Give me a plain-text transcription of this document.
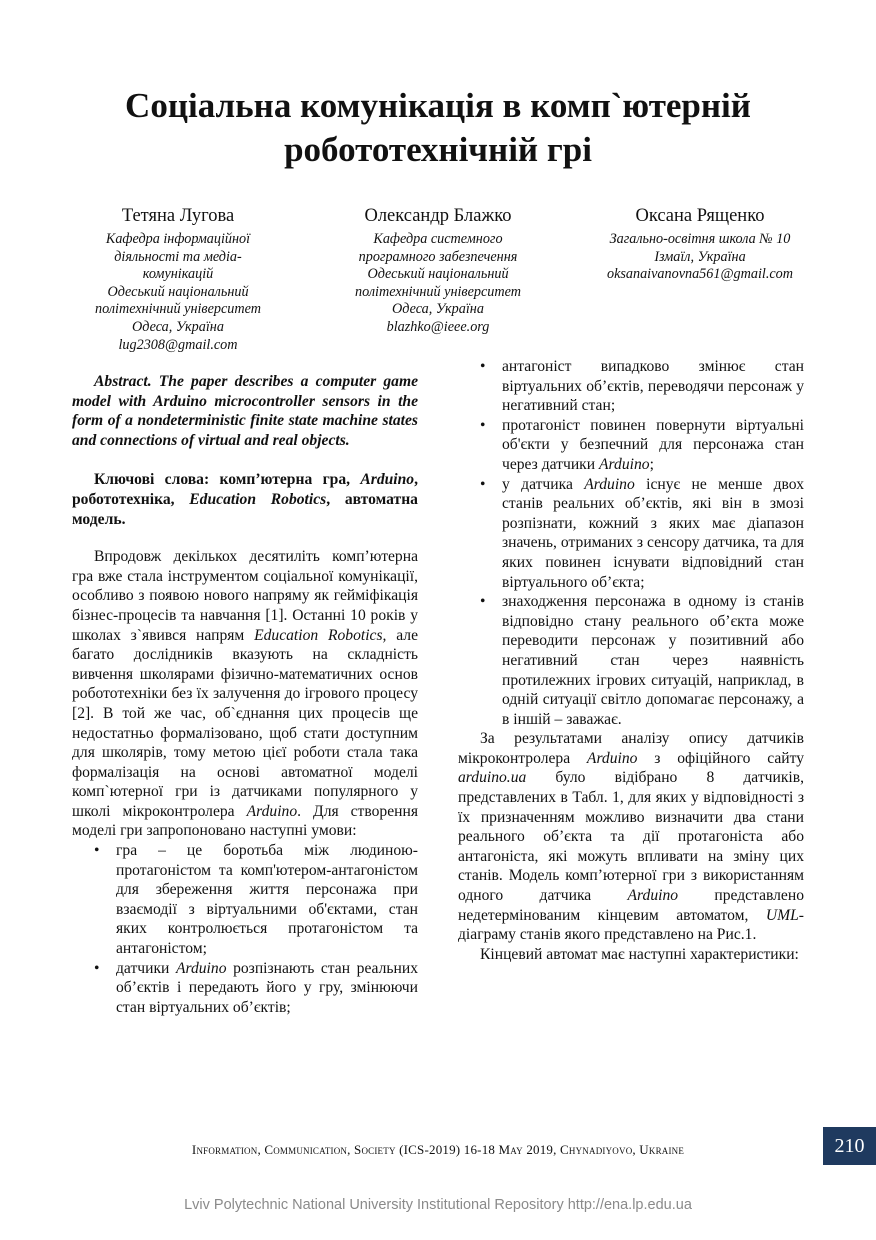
Соціальна комунікація в комп`ютерній
робототехнічній грі
Тетяна Лугова
Кафедра інформаційної
діяльності та медіа-
комунікацій
Одеський національний
політехнічний університет
Одеса, Україна
lug2308@gmail.com
Олександр Блажко
Кафедра системного
програмного забезпечення
Одеський національний
політехнічний університет
Одеса, Україна
blazhko@ieee.org
Оксана Рященко
Загально-освітня школа № 10
Ізмаїл, Україна
oksanaivanovna561@gmail.com

Abstract. The paper describes a computer game model with Arduino microcontroller sensors in the form of a nondeterministic finite state machine states and connections of virtual and real objects.

Ключові слова: комп’ютерна гра, Arduino, робототехніка, Education Robotics, автоматна модель.

Впродовж декількох десятиліть комп’ютерна гра вже стала інструментом соціальної комунікації, особливо з появою нового напряму як гейміфікація бізнес-процесів та навчання [1]. Останні 10 років у школах з`явився напрям Education Robotics, але багато дослідників вказують на складність вивчення школярами фізично-математичних основ робототехніки без їх залучення до ігрового процесу [2]. В той же час, об`єднання цих процесів ще недостатньо формалізовано, щоб стати доступним для школярів, тому метою цієї роботи стала така формалізація на основі автоматної моделі комп`ютерної гри із датчиками популярного у школі мікроконтролера Arduino. Для створення моделі гри запропоновано наступні умови:

• гра – це боротьба між людиною-протагоністом та комп'ютером-антагоністом для збереження життя персонажа при взаємодії з віртуальними об'єктами, стан яких контролюється протагоністом та антагоністом;
• датчики Arduino розпізнають стан реальних об’єктів і передають його у гру, змінюючи стан віртуальних об’єктів;
• антагоніст випадково змінює стан віртуальних об’єктів, переводячи персонаж у негативний стан;
• протагоніст повинен повернути віртуальні об'єкти у безпечний для персонажа стан через датчики Arduino;
• у датчика Arduino існує не менше двох станів реальних об’єктів, які він в змозі розпізнати, кожний з яких має діапазон значень, отриманих з сенсору датчика, та для яких повинен існувати відповідний стан віртуального об’єкта;
• знаходження персонажа в одному із станів відповідно стану реального об’єкта може переводити персонаж у позитивний або негативний стан через наявність протилежних ігрових ситуацій, наприклад, в одній ситуації світло допомагає персонажу, а в іншій – заважає.

За результатами аналізу опису датчиків мікроконтролера Arduino з офіційного сайту arduino.ua було відібрано 8 датчиків, представлених в Табл. 1, для яких у відповідності з їх призначенням можливо визначити два стани реального об’єкта та дії протагоніста або антагоніста, які можуть впливати на зміну цих станів. Модель комп’ютерної гри з використанням одного датчика Arduino представлено недетермінованим кінцевим автоматом, UML-діаграму станів якого представлено на Рис.1.

Кінцевий автомат має наступні характеристики:

Information, Communication, Society (ICS-2019) 16-18 May 2019, Chynadiyovo, Ukraine	210
Lviv Polytechnic National University Institutional Repository http://ena.lp.edu.ua
